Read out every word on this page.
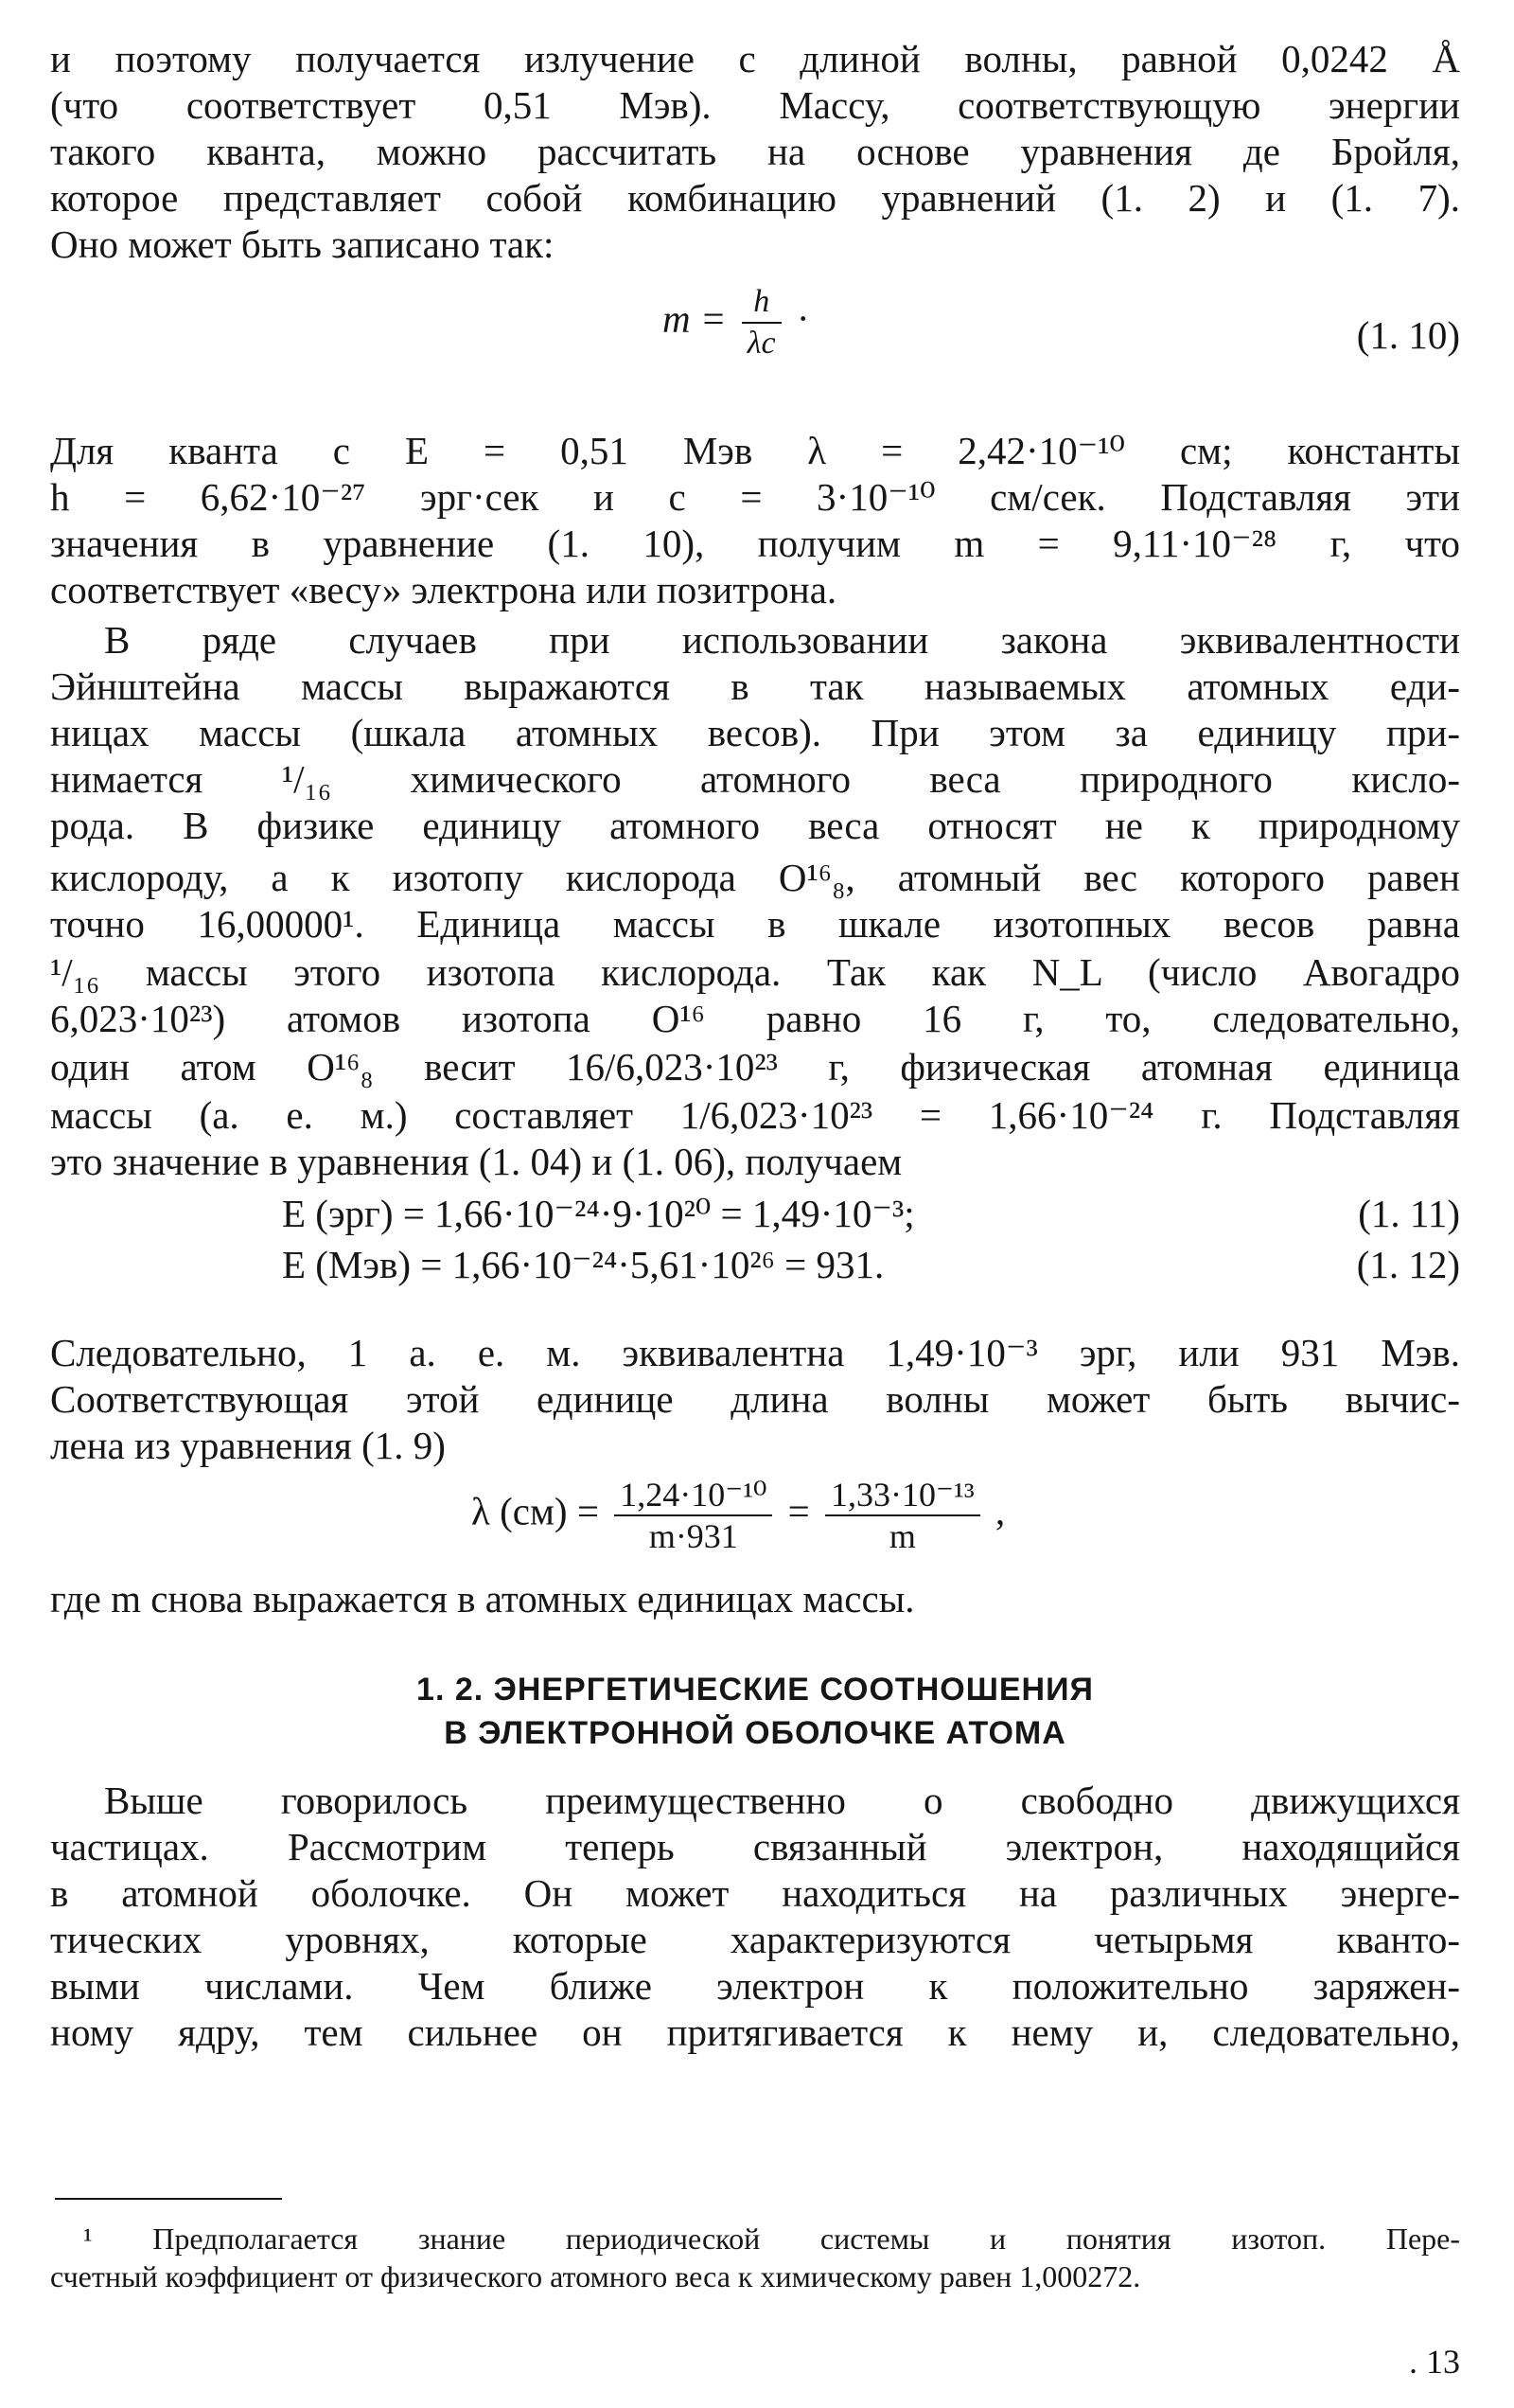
и поэтому получается излучение с длиной волны, равной 0,0242 Å
(что соответствует 0,51 Мэв). Массу, соответствующую энергии
такого кванта, можно рассчитать на основе уравнения де Бройля,
которое представляет собой комбинацию уравнений (1. 2) и (1. 7).
Оно может быть записано так:
$m = \frac{h}{\lambda c}$ ·	(1. 10)
Для кванта с E = 0,51 Мэв λ = 2,42·10⁻¹⁰ см; константы
h = 6,62·10⁻²⁷ эрг·сек и c = 3·10⁻¹⁰ см/сек. Подставляя эти
значения в уравнение (1. 10), получим m = 9,11·10⁻²⁸ г, что
соответствует «весу» электрона или позитрона.
В ряде случаев при использовании закона эквивалентности
Эйнштейна массы выражаются в так называемых атомных еди-
ницах массы (шкала атомных весов). При этом за единицу при-
нимается ¹/₁₆ химического атомного веса природного кисло-
рода. В физике единицу атомного веса относят не к природному
кислороду, а к изотопу кислорода O¹⁶₈, атомный вес которого равен
точно 16,00000¹. Единица массы в шкале изотопных весов равна
¹/₁₆ массы этого изотопа кислорода. Так как N_L (число Авогадро
6,023·10²³) атомов изотопа O¹⁶ равно 16 г, то, следовательно,
один атом O¹⁶₈ весит 16/6,023·10²³ г, физическая атомная единица
массы (а. е. м.) составляет 1/6,023·10²³ = 1,66·10⁻²⁴ г. Подставляя
это значение в уравнения (1. 04) и (1. 06), получаем
E (эрг) = 1,66·10⁻²⁴·9·10²⁰ = 1,49·10⁻³;	(1. 11)
E (Мэв) = 1,66·10⁻²⁴·5,61·10²⁶ = 931.	(1. 12)
Следовательно, 1 а. е. м. эквивалентна 1,49·10⁻³ эрг, или 931 Мэв.
Соответствующая этой единице длина волны может быть вычис-
лена из уравнения (1. 9)
λ $(см) = \frac{\text{1,24·10⁻¹⁰}}{m\cdot 931} = \frac{\text{1,33·10⁻¹³}}{m}$ ,
где m снова выражается в атомных единицах массы.
1. 2. ЭНЕРГЕТИЧЕСКИЕ СООТНОШЕНИЯ
В ЭЛЕКТРОННОЙ ОБОЛОЧКЕ АТОМА
Выше говорилось преимущественно о свободно движущихся
частицах. Рассмотрим теперь связанный электрон, находящийся
в атомной оболочке. Он может находиться на различных энерге-
тических уровнях, которые характеризуются четырьмя кванто-
выми числами. Чем ближе электрон к положительно заряжен-
ному ядру, тем сильнее он притягивается к нему и, следовательно,
¹ Предполагается знание периодической системы и понятия изотоп. Пере-
счетный коэффициент от физического атомного веса к химическому равен 1,000272.
. 13
